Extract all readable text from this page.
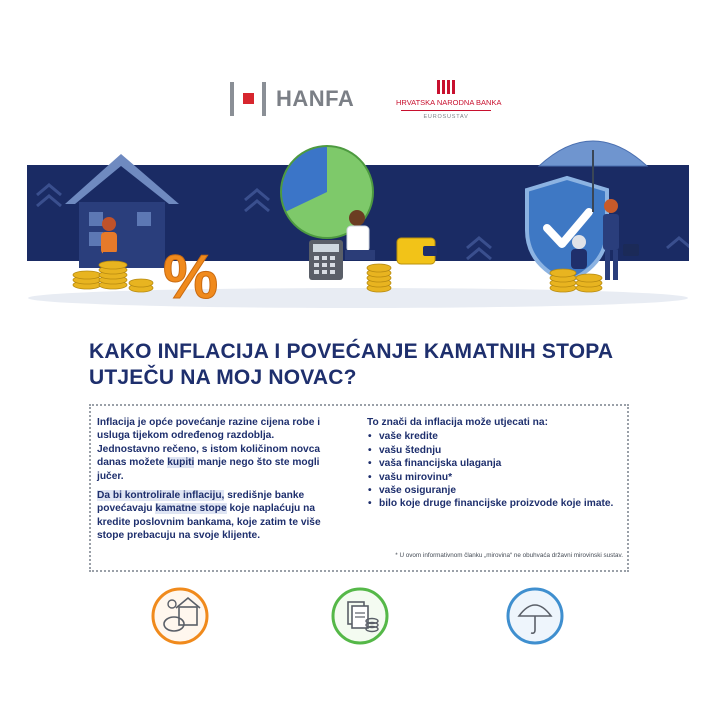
HANFA	HRVATSKA NARODNA BANKA
EUROSUSTAV
%
KAKO INFLACIJA I POVEĆANJE KAMATNIH STOPA
UTJEČU NA MOJ NOVAC?

Inflacija je opće povećanje razine cijena robe i usluga tijekom određenog razdoblja. Jednostavno rečeno, s istom količinom novca danas možete kupiti manje nego što ste mogli jučer.

Da bi kontrolirale inflaciju, središnje banke povećavaju kamatne stope koje naplaćuju na kredite poslovnim bankama, koje zatim te više stope prebacuju na svoje klijente.

To znači da inflacija može utjecati na:
• vaše kredite
• vašu štednju
• vaša financijska ulaganja
• vašu mirovinu*
• vaše osiguranje
• bilo koje druge financijske proizvode koje imate.
* U ovom informativnom članku „mirovina“ ne obuhvaća državni mirovinski sustav.
